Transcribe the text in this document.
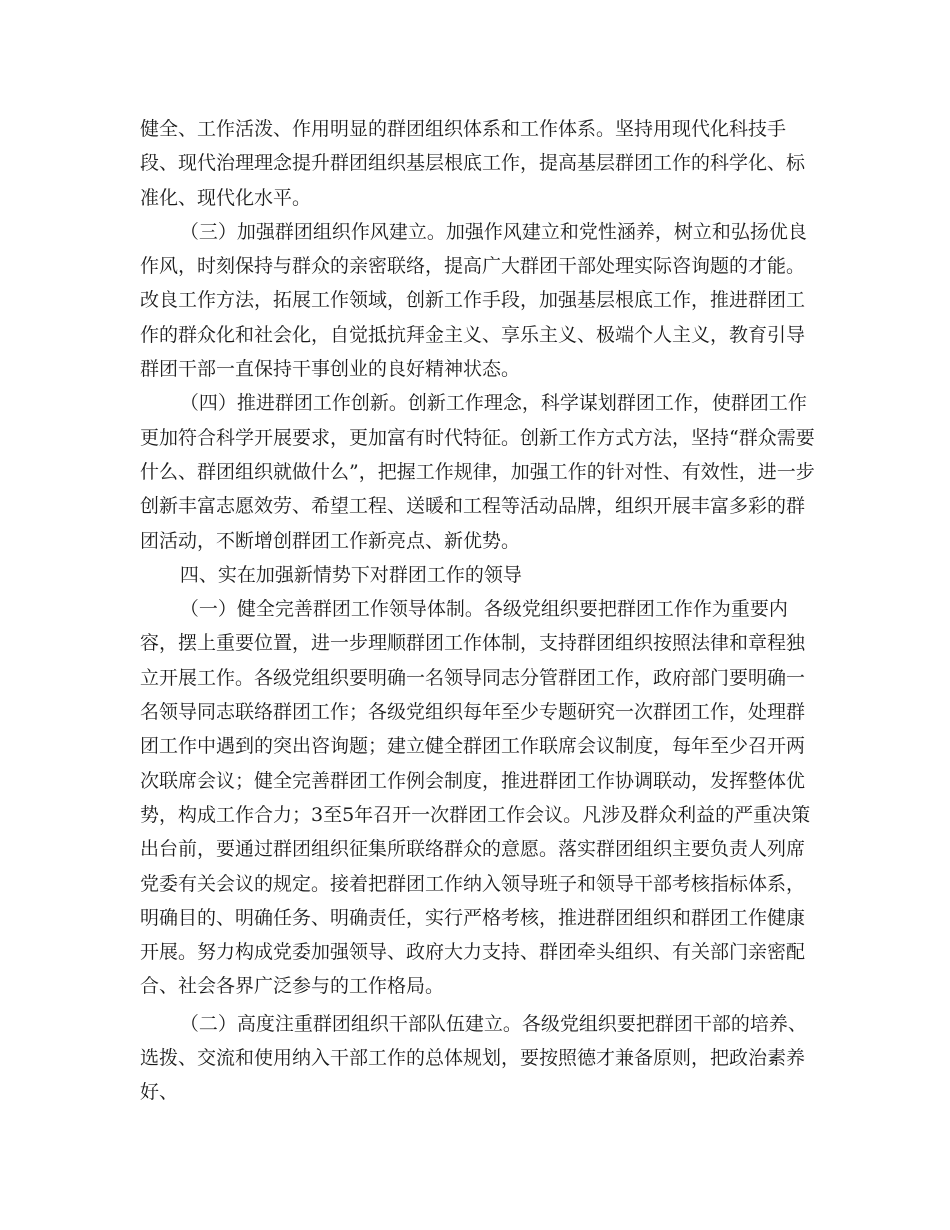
健全、工作活泼、作用明显的群团组织体系和工作体系。坚持用现代化科技手段、现代治理理念提升群团组织基层根底工作，提高基层群团工作的科学化、标准化、现代化水平。

（三）加强群团组织作风建立。加强作风建立和党性涵养，树立和弘扬优良作风，时刻保持与群众的亲密联络，提高广大群团干部处理实际咨询题的才能。改良工作方法，拓展工作领域，创新工作手段，加强基层根底工作，推进群团工作的群众化和社会化，自觉抵抗拜金主义、享乐主义、极端个人主义，教育引导群团干部一直保持干事创业的良好精神状态。

（四）推进群团工作创新。创新工作理念，科学谋划群团工作，使群团工作更加符合科学开展要求，更加富有时代特征。创新工作方式方法，坚持“群众需要什么、群团组织就做什么”，把握工作规律，加强工作的针对性、有效性，进一步创新丰富志愿效劳、希望工程、送暖和工程等活动品牌，组织开展丰富多彩的群团活动，不断增创群团工作新亮点、新优势。

四、实在加强新情势下对群团工作的领导

（一）健全完善群团工作领导体制。各级党组织要把群团工作作为重要内容，摆上重要位置，进一步理顺群团工作体制，支持群团组织按照法律和章程独立开展工作。各级党组织要明确一名领导同志分管群团工作，政府部门要明确一名领导同志联络群团工作；各级党组织每年至少专题研究一次群团工作，处理群团工作中遇到的突出咨询题；建立健全群团工作联席会议制度，每年至少召开两次联席会议；健全完善群团工作例会制度，推进群团工作协调联动，发挥整体优势，构成工作合力；3至5年召开一次群团工作会议。凡涉及群众利益的严重决策出台前，要通过群团组织征集所联络群众的意愿。落实群团组织主要负责人列席党委有关会议的规定。接着把群团工作纳入领导班子和领导干部考核指标体系，明确目的、明确任务、明确责任，实行严格考核，推进群团组织和群团工作健康开展。努力构成党委加强领导、政府大力支持、群团牵头组织、有关部门亲密配合、社会各界广泛参与的工作格局。

（二）高度注重群团组织干部队伍建立。各级党组织要把群团干部的培养、选拨、交流和使用纳入干部工作的总体规划，要按照德才兼备原则，把政治素养好、
